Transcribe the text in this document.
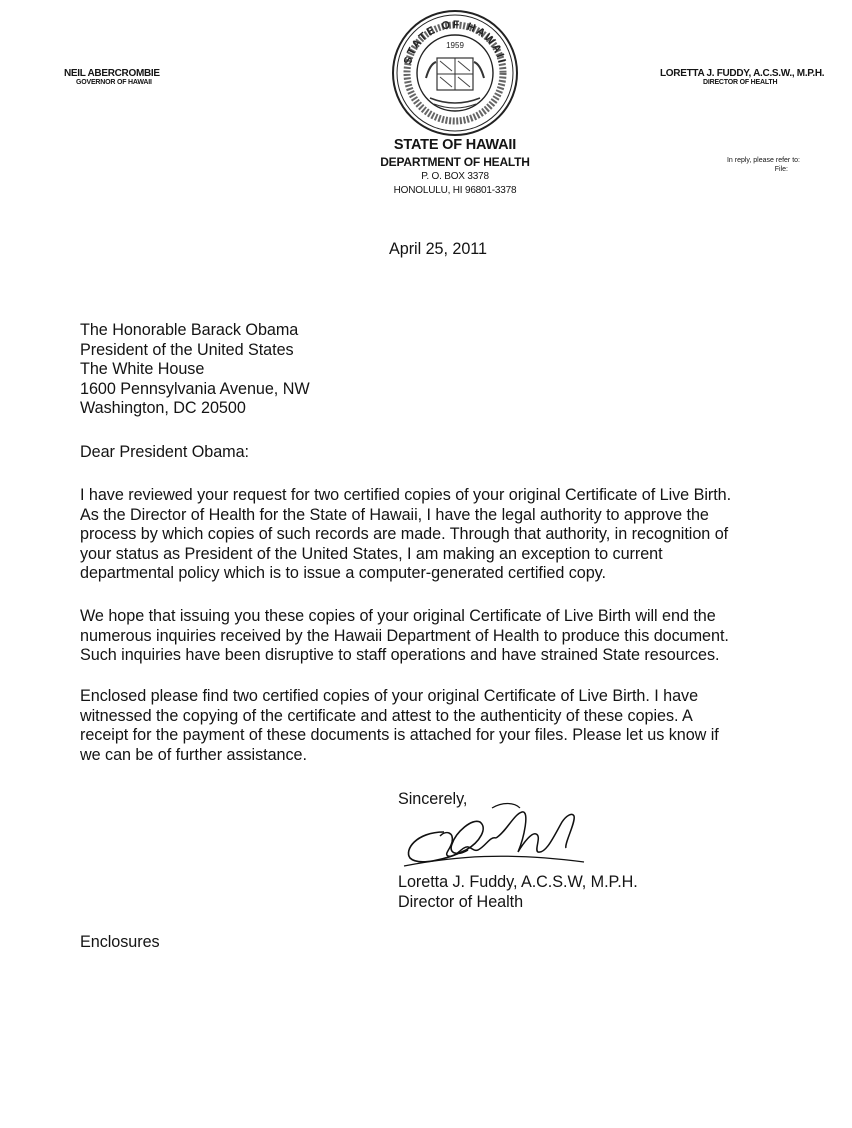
NEIL ABERCROMBIE
GOVERNOR OF HAWAII
STATE OF HAWAII
1959
LORETTA J. FUDDY, A.C.S.W., M.P.H.
DIRECTOR OF HEALTH
STATE OF HAWAII
DEPARTMENT OF HEALTH
P. O. BOX 3378
HONOLULU, HI 96801-3378
In reply, please refer to:
File:
April 25, 2011
The Honorable Barack Obama
President of the United States
The White House
1600 Pennsylvania Avenue, NW
Washington, DC 20500
Dear President Obama:
I have reviewed your request for two certified copies of your original Certificate of Live Birth.
As the Director of Health for the State of Hawaii, I have the legal authority to approve the
process by which copies of such records are made. Through that authority, in recognition of
your status as President of the United States, I am making an exception to current
departmental policy which is to issue a computer-generated certified copy.
We hope that issuing you these copies of your original Certificate of Live Birth will end the
numerous inquiries received by the Hawaii Department of Health to produce this document.
Such inquiries have been disruptive to staff operations and have strained State resources.
Enclosed please find two certified copies of your original Certificate of Live Birth. I have
witnessed the copying of the certificate and attest to the authenticity of these copies. A
receipt for the payment of these documents is attached for your files. Please let us know if
we can be of further assistance.
Sincerely,
Loretta J. Fuddy, A.C.S.W, M.P.H.
Director of Health
Enclosures
